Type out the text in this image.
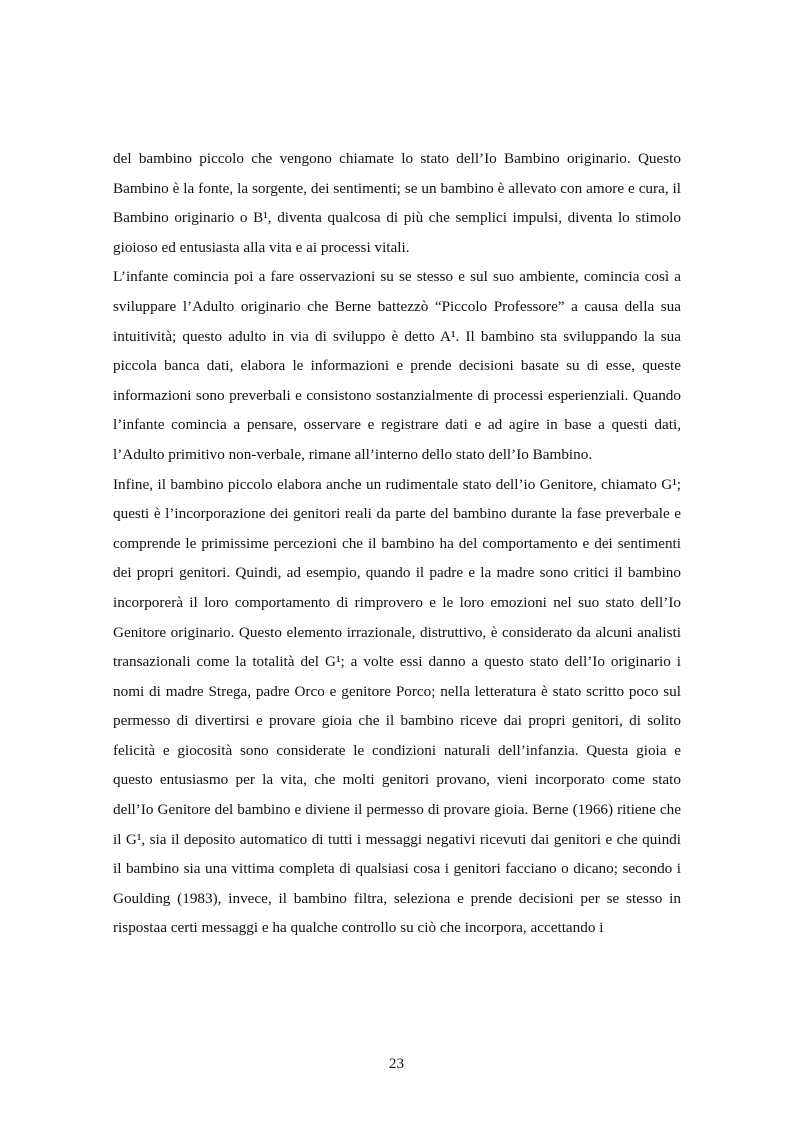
del bambino piccolo che vengono chiamate lo stato dell’Io Bambino originario. Questo Bambino è la fonte, la sorgente, dei sentimenti; se un bambino è allevato con amore e cura, il Bambino originario o B¹, diventa qualcosa di più che semplici impulsi, diventa lo stimolo gioioso ed entusiasta alla vita e ai processi vitali.

L’infante comincia poi a fare osservazioni su se stesso e sul suo ambiente, comincia così a sviluppare l’Adulto originario che Berne battezzò “Piccolo Professore” a causa della sua intuitività; questo adulto in via di sviluppo è detto A¹. Il bambino sta sviluppando la sua piccola banca dati, elabora le informazioni e prende decisioni basate su di esse, queste informazioni sono preverbali e consistono sostanzialmente di processi esperienziali. Quando l’infante comincia a pensare, osservare e registrare dati e ad agire in base a questi dati, l’Adulto primitivo non-verbale, rimane all’interno dello stato dell’Io Bambino.

Infine, il bambino piccolo elabora anche un rudimentale stato dell’io Genitore, chiamato G¹; questi è l’incorporazione dei genitori reali da parte del bambino durante la fase preverbale e comprende le primissime percezioni che il bambino ha del comportamento e dei sentimenti dei propri genitori. Quindi, ad esempio, quando il padre e la madre sono critici il bambino incorporerà il loro comportamento di rimprovero e le loro emozioni nel suo stato dell’Io Genitore originario. Questo elemento irrazionale, distruttivo, è considerato da alcuni analisti transazionali come la totalità del G¹; a volte essi danno a questo stato dell’Io originario i nomi di madre Strega, padre Orco e genitore Porco; nella letteratura è stato scritto poco sul permesso di divertirsi e provare gioia che il bambino riceve dai propri genitori, di solito felicità e giocosità sono considerate le condizioni naturali dell’infanzia. Questa gioia e questo entusiasmo per la vita, che molti genitori provano, vieni incorporato come stato dell’Io Genitore del bambino e diviene il permesso di provare gioia. Berne (1966) ritiene che il G¹, sia il deposito automatico di tutti i messaggi negativi ricevuti dai genitori e che quindi il bambino sia una vittima completa di qualsiasi cosa i genitori facciano o dicano; secondo i Goulding (1983), invece, il bambino filtra, seleziona e prende decisioni per se stesso in rispostaa certi messaggi e ha qualche controllo su ciò che incorpora, accettando i

23
